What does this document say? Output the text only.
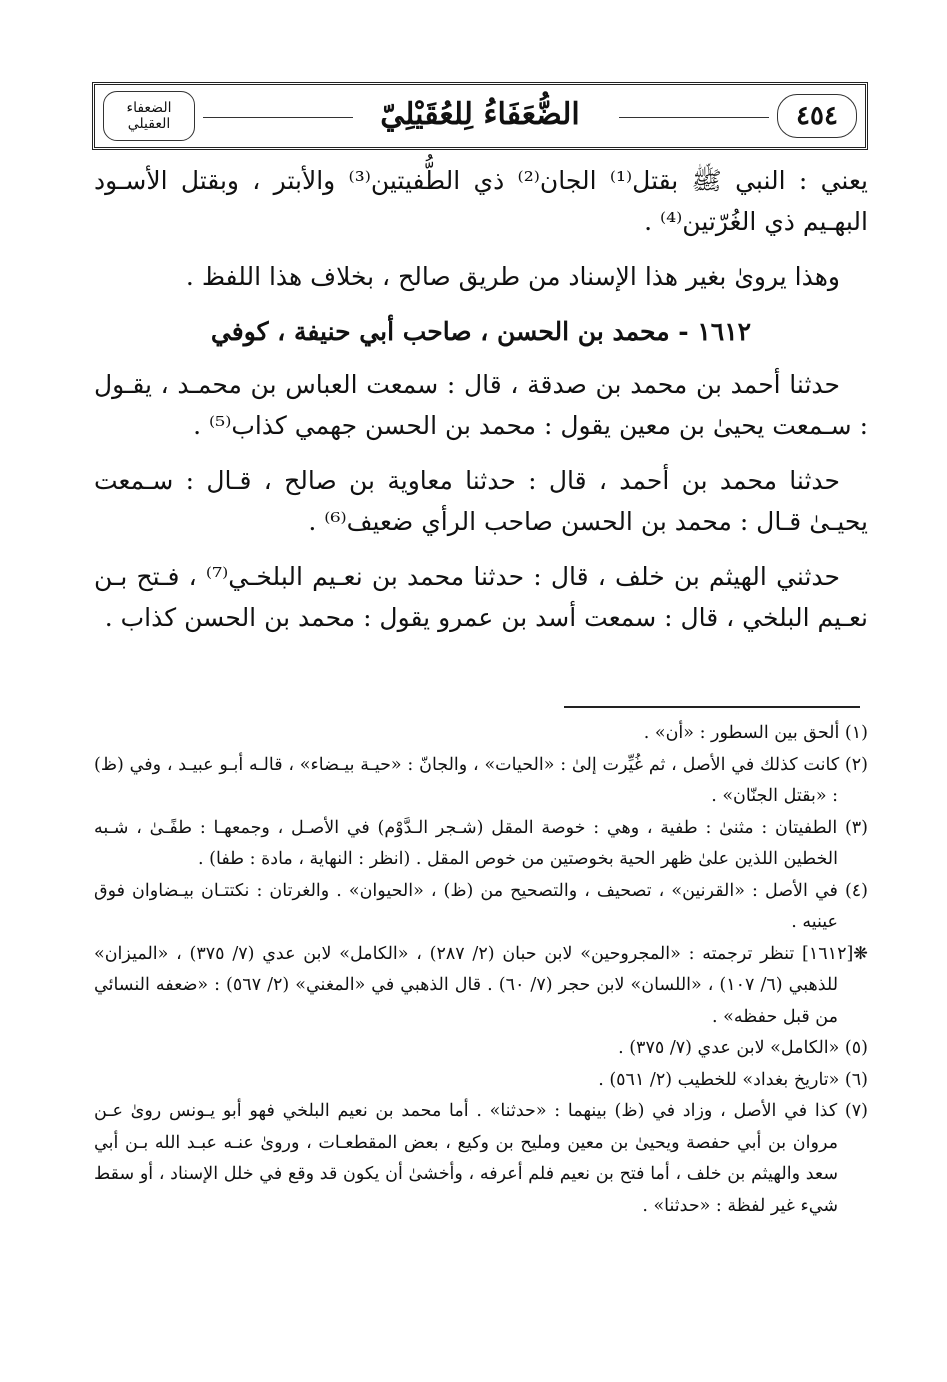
٤٥٤
الضُّعَفَاءُ لِلعُقَيْلِيّ
الضعفاء العقيلي

يعني : النبي ﷺ بقتل⁽¹⁾ الجان⁽²⁾ ذي الطُّفيتين⁽³⁾ والأبتر ، وبقتل الأسـود البهـيم ذي الغُرّتين⁽⁴⁾ .

وهذا يروىٰ بغير هذا الإسناد من طريق صالح ، بخلاف هذا اللفظ .

١٦١٢ - محمد بن الحسن ، صاحب أبي حنيفة ، كوفي

حدثنا أحمد بن محمد بن صدقة ، قال : سمعت العباس بن محمـد ، يقـول : سـمعت يحيىٰ بن معين يقول : محمد بن الحسن جهمي كذاب⁽⁵⁾ .

حدثنا محمد بن أحمد ، قال : حدثنا معاوية بن صالح ، قـال : سـمعت يحيـىٰ قـال : محمد بن الحسن صاحب الرأي ضعيف⁽⁶⁾ .

حدثني الهيثم بن خلف ، قال : حدثنا محمد بن نعـيم البلخـي⁽⁷⁾ ، فـتح بـن نعـيم البلخي ، قال : سمعت أسد بن عمرو يقول : محمد بن الحسن كذاب .

(١) ألحق بين السطور : «أن» .

(٢) كانت كذلك في الأصل ، ثم غُيِّرت إلىٰ : «الحيات» ، والجانّ : «حيـة بيـضاء» ، قالـه أبـو عبيـد ، وفي (ظ) : «بقتل الجنّان» .

(٣) الطفيتان : مثنىٰ : طفية ، وهي : خوصة المقل (شـجر الـدَّوْم) في الأصـل ، وجمعهـا : طفًـىٰ ، شـبه الخطين اللذين علىٰ ظهر الحية بخوصتين من خوص المقل . (انظر : النهاية ، مادة : طفا) .

(٤) في الأصل : «القرنين» ، تصحيف ، والتصحيح من (ظ) ، «الحيوان» . والغرتان : نكتتـان بيـضاوان فوق عينيه .

❋[١٦١٢] تنظر ترجمته : «المجروحين» لابن حبان (٢/ ٢٨٧) ، «الكامل» لابن عدي (٧/ ٣٧٥) ، «الميزان» للذهبي (٦/ ١٠٧) ، «اللسان» لابن حجر (٧/ ٦٠) . قال الذهبي في «المغني» (٢/ ٥٦٧) : «ضعفه النسائي من قبل حفظه» .

(٥) «الكامل» لابن عدي (٧/ ٣٧٥) .

(٦) «تاريخ بغداد» للخطيب (٢/ ٥٦١) .

(٧) كذا في الأصل ، وزاد في (ظ) بينهما : «حدثنا» . أما محمد بن نعيم البلخي فهو أبو يـونس روىٰ عـن مروان بن أبي حفصة ويحيىٰ بن معين ومليح بن وكيع ، بعض المقطعـات ، وروىٰ عنـه عبـد الله بـن أبي سعد والهيثم بن خلف ، أما فتح بن نعيم فلم أعرفه ، وأخشىٰ أن يكون قد وقع في خلل الإسناد ، أو سقط شيء غير لفظة : «حدثنا» .
